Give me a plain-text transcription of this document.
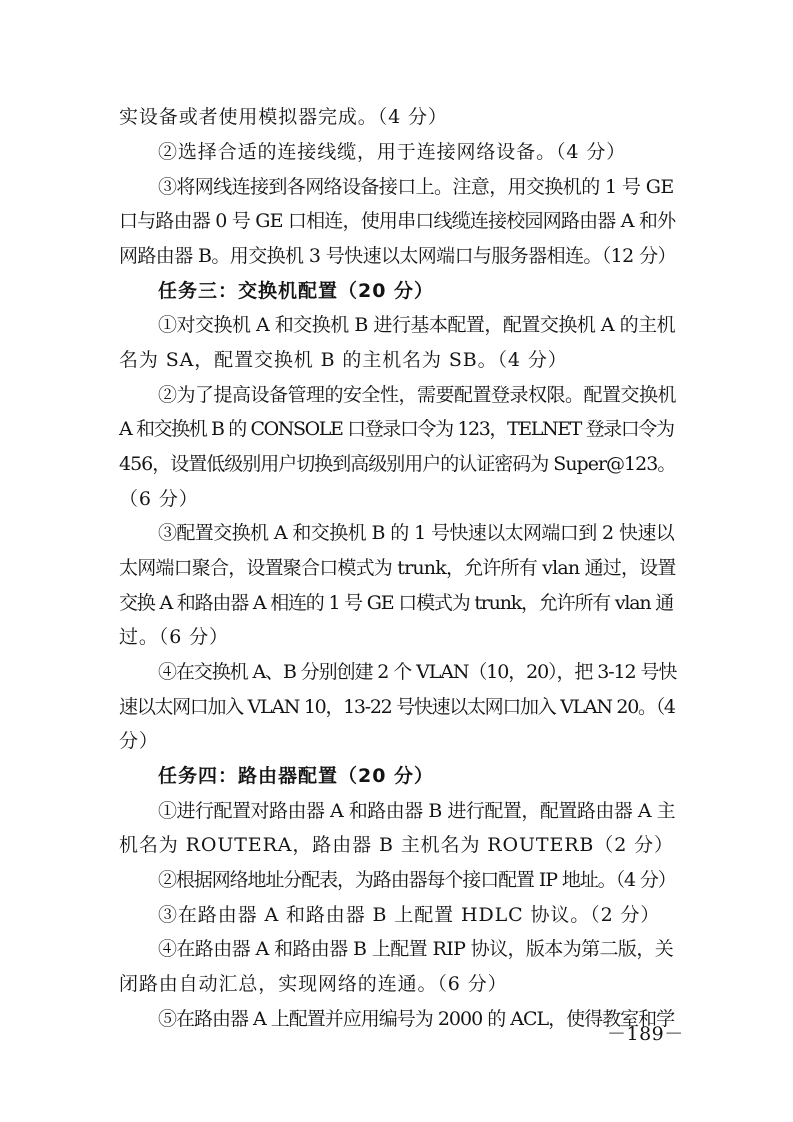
实设备或者使用模拟器完成。（4 分）
②选择合适的连接线缆，用于连接网络设备。（4 分）
③将网线连接到各网络设备接口上。注意，用交换机的 1 号 GE
口与路由器 0 号 GE 口相连，使用串口线缆连接校园网路由器 A 和外
网路由器 B。用交换机 3 号快速以太网端口与服务器相连。（12 分）
任务三：交换机配置（20 分）
①对交换机 A 和交换机 B 进行基本配置，配置交换机 A 的主机
名为 SA，配置交换机 B 的主机名为 SB。（4 分）
②为了提高设备管理的安全性，需要配置登录权限。配置交换机
A 和交换机 B 的 CONSOLE 口登录口令为 123，TELNET 登录口令为
456，设置低级别用户切换到高级别用户的认证密码为 Super@123。
（6 分）
③配置交换机 A 和交换机 B 的 1 号快速以太网端口到 2 快速以
太网端口聚合，设置聚合口模式为 trunk，允许所有 vlan 通过，设置
交换 A 和路由器 A 相连的 1 号 GE 口模式为 trunk，允许所有 vlan 通
过。（6 分）
④在交换机 A、B 分别创建 2 个 VLAN（10，20），把 3-12 号快
速以太网口加入 VLAN 10，13-22 号快速以太网口加入 VLAN 20。（4
分）
任务四：路由器配置（20 分）
①进行配置对路由器 A 和路由器 B 进行配置，配置路由器 A 主
机名为 ROUTERA，路由器 B 主机名为 ROUTERB（2 分）
②根据网络地址分配表，为路由器每个接口配置 IP 地址。（4 分）
③在路由器 A 和路由器 B 上配置 HDLC 协议。（2 分）
④在路由器 A 和路由器 B 上配置 RIP 协议，版本为第二版，关
闭路由自动汇总，实现网络的连通。（6 分）
⑤在路由器 A 上配置并应用编号为 2000 的 ACL，使得教室和学
－189－
